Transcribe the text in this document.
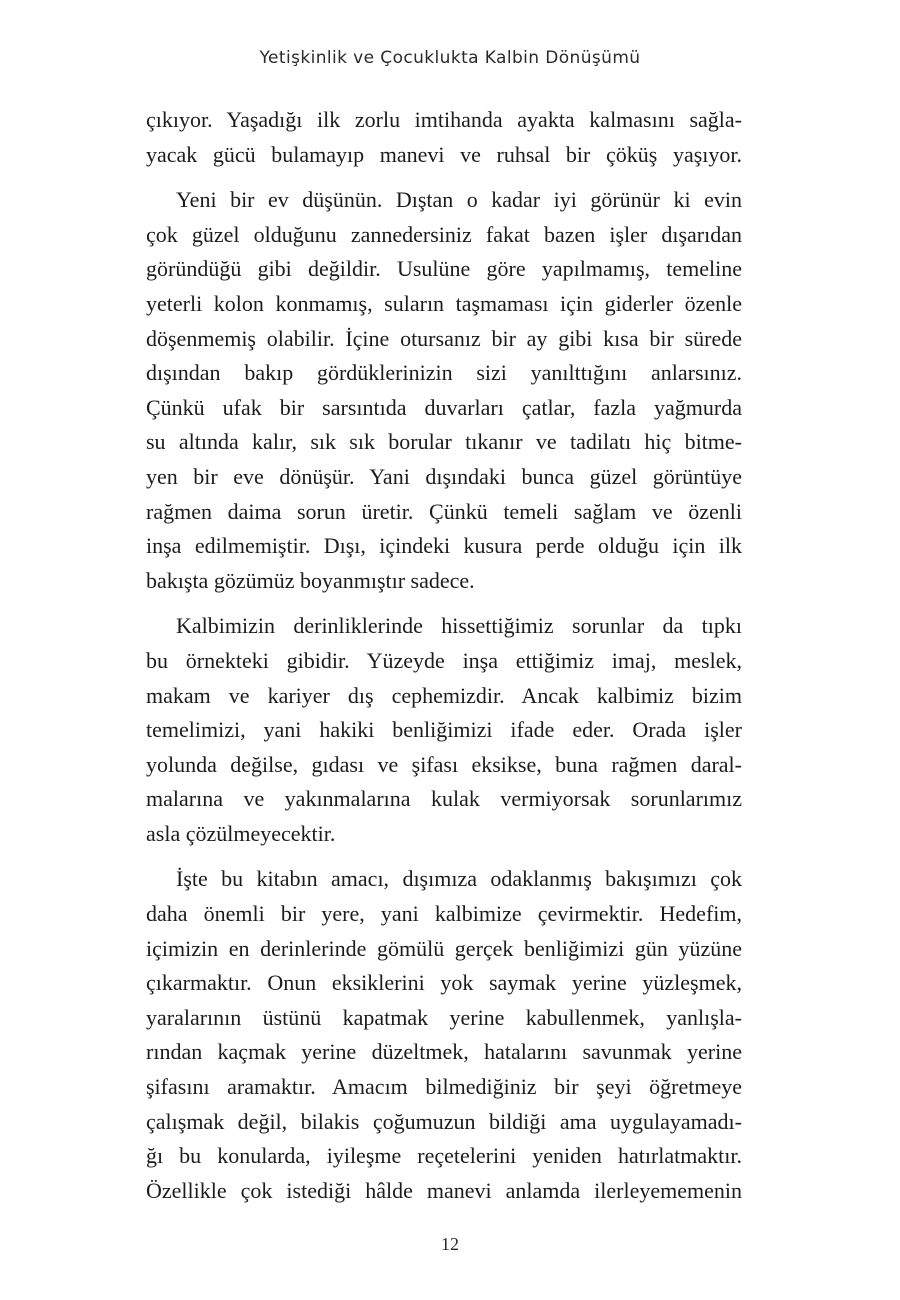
Yetişkinlik ve Çocuklukta Kalbin Dönüşümü

çıkıyor. Yaşadığı ilk zorlu imtihanda ayakta kalmasını sağla-
yacak gücü bulamayıp manevi ve ruhsal bir çöküş yaşıyor.

Yeni bir ev düşünün. Dıştan o kadar iyi görünür ki evin
çok güzel olduğunu zannedersiniz fakat bazen işler dışarıdan
göründüğü gibi değildir. Usulüne göre yapılmamış, temeline
yeterli kolon konmamış, suların taşmaması için giderler özenle
döşenmemiş olabilir. İçine otursanız bir ay gibi kısa bir sürede
dışından bakıp gördüklerinizin sizi yanılttığını anlarsınız.
Çünkü ufak bir sarsıntıda duvarları çatlar, fazla yağmurda
su altında kalır, sık sık borular tıkanır ve tadilatı hiç bitme-
yen bir eve dönüşür. Yani dışındaki bunca güzel görüntüye
rağmen daima sorun üretir. Çünkü temeli sağlam ve özenli
inşa edilmemiştir. Dışı, içindeki kusura perde olduğu için ilk
bakışta gözümüz boyanmıştır sadece.

Kalbimizin derinliklerinde hissettiğimiz sorunlar da tıpkı
bu örnekteki gibidir. Yüzeyde inşa ettiğimiz imaj, meslek,
makam ve kariyer dış cephemizdir. Ancak kalbimiz bizim
temelimizi, yani hakiki benliğimizi ifade eder. Orada işler
yolunda değilse, gıdası ve şifası eksikse, buna rağmen daral-
malarına ve yakınmalarına kulak vermiyorsak sorunlarımız
asla çözülmeyecektir.

İşte bu kitabın amacı, dışımıza odaklanmış bakışımızı çok
daha önemli bir yere, yani kalbimize çevirmektir. Hedefim,
içimizin en derinlerinde gömülü gerçek benliğimizi gün yüzüne
çıkarmaktır. Onun eksiklerini yok saymak yerine yüzleşmek,
yaralarının üstünü kapatmak yerine kabullenmek, yanlışla-
rından kaçmak yerine düzeltmek, hatalarını savunmak yerine
şifasını aramaktır. Amacım bilmediğiniz bir şeyi öğretmeye
çalışmak değil, bilakis çoğumuzun bildiği ama uygulayamadı-
ğı bu konularda, iyileşme reçetelerini yeniden hatırlatmaktır.
Özellikle çok istediği hâlde manevi anlamda ilerleyememenin

12
